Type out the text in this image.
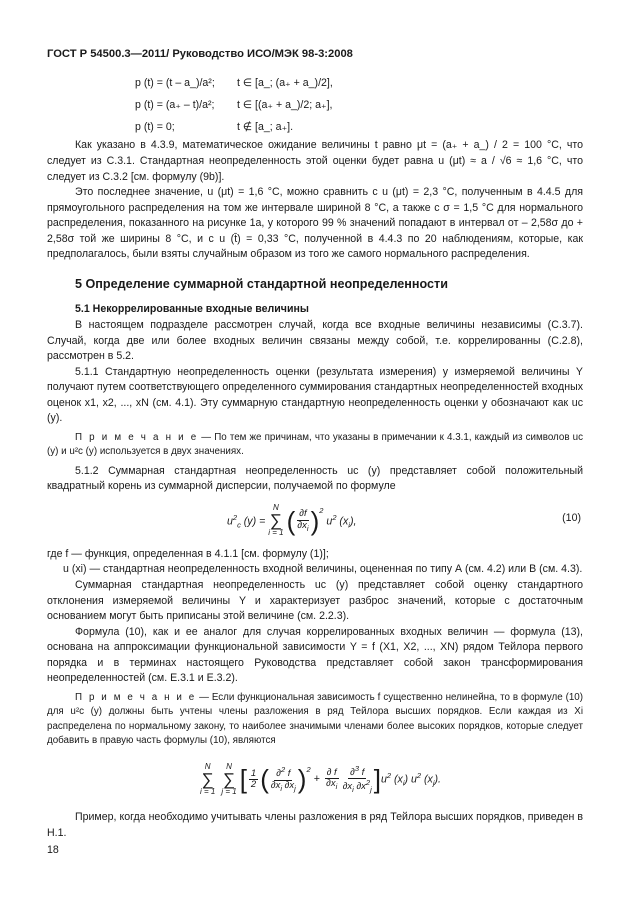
ГОСТ Р 54500.3—2011/ Руководство ИСО/МЭК 98-3:2008
p (t) = (t – a_)/a²;	t ∈ [a_; (a₊ + a_)/2],
p (t) = (a₊ – t)/a²;	t ∈ [(a₊ + a_)/2; a₊],
p (t) = 0;	t ∉ [a_; a₊].

Как указано в 4.3.9, математическое ожидание величины t равно μt = (a₊ + a_) / 2 = 100 °C, что следует из С.3.1. Стандартная неопределенность этой оценки будет равна u (μt) ≈ a / √6 ≈ 1,6 °C, что следует из С.3.2 [см. формулу (9b)].

Это последнее значение, u (μt) = 1,6 °C, можно сравнить с u (μt) = 2,3 °C, полученным в 4.4.5 для прямоугольного распределения на том же интервале шириной 8 °C, а также с σ = 1,5 °C для нормального распределения, показанного на рисунке 1а, у которого 99 % значений попадают в интервал от – 2,58σ до + 2,58σ той же ширины 8 °C, и с u (t̄) = 0,33 °C, полученной в 4.4.3 по 20 наблюдениям, которые, как предполагалось, были взяты случайным образом из того же самого нормального распределения.

5 Определение суммарной стандартной неопределенности
5.1 Некоррелированные входные величины

В настоящем подразделе рассмотрен случай, когда все входные величины независимы (С.3.7). Случай, когда две или более входных величин связаны между собой, т.е. коррелированны (С.2.8), рассмотрен в 5.2.

5.1.1 Стандартную неопределенность оценки (результата измерения) y измеряемой величины Y получают путем соответствующего определенного суммирования стандартных неопределенностей входных оценок x1, x2, ..., xN (см. 4.1). Эту суммарную стандартную неопределенность оценки y обозначают как uc (y).

П р и м е ч а н и е — По тем же причинам, что указаны в примечании к 4.3.1, каждый из символов uc (y) и u²c (y) используется в двух значениях.

5.1.2 Суммарная стандартная неопределенность uc (y) представляет собой положительный квадратный корень из суммарной дисперсии, получаемой по формуле

$u^2_c$ (y) =
N
∑
i = 1 ( $\frac{\partial f}{\partial x_i} )^2$
$u^2$ $(x_i)$,	(10)

где f — функция, определенная в 4.1.1 [см. формулу (1)];

u (xi) — стандартная неопределенность входной величины, оцененная по типу А (см. 4.2) или В (см. 4.3).

Суммарная стандартная неопределенность uc (y) представляет собой оценку стандартного отклонения измеряемой величины Y и характеризует разброс значений, которые с достаточным основанием могут быть приписаны этой величине (см. 2.2.3).

Формула (10), как и ее аналог для случая коррелированных входных величин — формула (13), основана на аппроксимации функциональной зависимости Y = f (X1, X2, ..., XN) рядом Тейлора первого порядка и в терминах настоящего Руководства представляет собой закон трансформирования неопределенностей (см. Е.3.1 и Е.3.2).

П р и м е ч а н и е — Если функциональная зависимость f существенно нелинейна, то в формуле (10) для u²c (y) должны быть учтены члены разложения в ряд Тейлора высших порядков. Если каждая из Xi распределена по нормальному закону, то наиболее значимыми членами более высоких порядков, которые следует добавить в правую часть формулы (10), являются

N
∑
i = 1
N
∑
j = 1 [ $\frac{1}{2}$ ( $\frac{\partial^2 f}{\partial x_i \partial x_j} )^2$
+ $\frac{\partial f}{\partial x_i} \frac{\partial^3 f}{\partial x_i \partial x^2_j}$ ] $u^2$ $(x_i)$ $u^2$ $(x_j)$.

Пример, когда необходимо учитывать члены разложения в ряд Тейлора высших порядков, приведен в Н.1.

18
